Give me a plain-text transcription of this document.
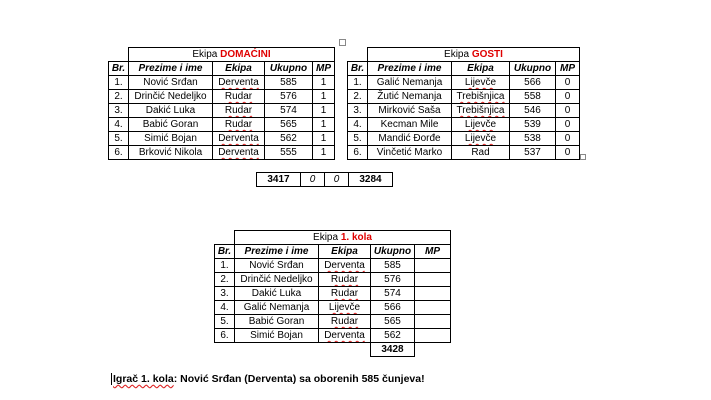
	Ekipa DOMAĆINI			
Br.	Prezime i ime	Ekipa	Ukupno	MP
1.	Nović Srđan	Derventa	585	1
2.	Drinčić Nedeljko	Rudar	576	1
3.	Dakić Luka	Rudar	574	1
4.	Babić Goran	Rudar	565	1
5.	Simić Bojan	Derventa	562	1
6.	Brković Nikola	Derventa	555	1
	Ekipa GOSTI			
Br.	Prezime i ime	Ekipa	Ukupno	MP
1.	Galić Nemanja	Lijevče	566	0
2.	Žutić Nemanja	Trebišnjica	558	0
3.	Mirković Saša	Trebišnjica	546	0
4.	Kecman Mile	Lijevče	539	0
5.	Mandić Đorđe	Lijevče	538	0
6.	Vinčetić Marko	Rad	537	0
3417	0	0	3284
	Ekipa 1. kola			
Br.	Prezime i ime	Ekipa	Ukupno	MP
1.	Nović Srđan	Derventa	585	
2.	Drinčić Nedeljko	Rudar	576	
3.	Dakić Luka	Rudar	574	
4.	Galić Nemanja	Lijevče	566	
5.	Babić Goran	Rudar	565	
6.	Simić Bojan	Derventa	562	
			3428	
Igrač 1. kola: Nović Srđan (Derventa) sa oborenih 585 čunjeva!
